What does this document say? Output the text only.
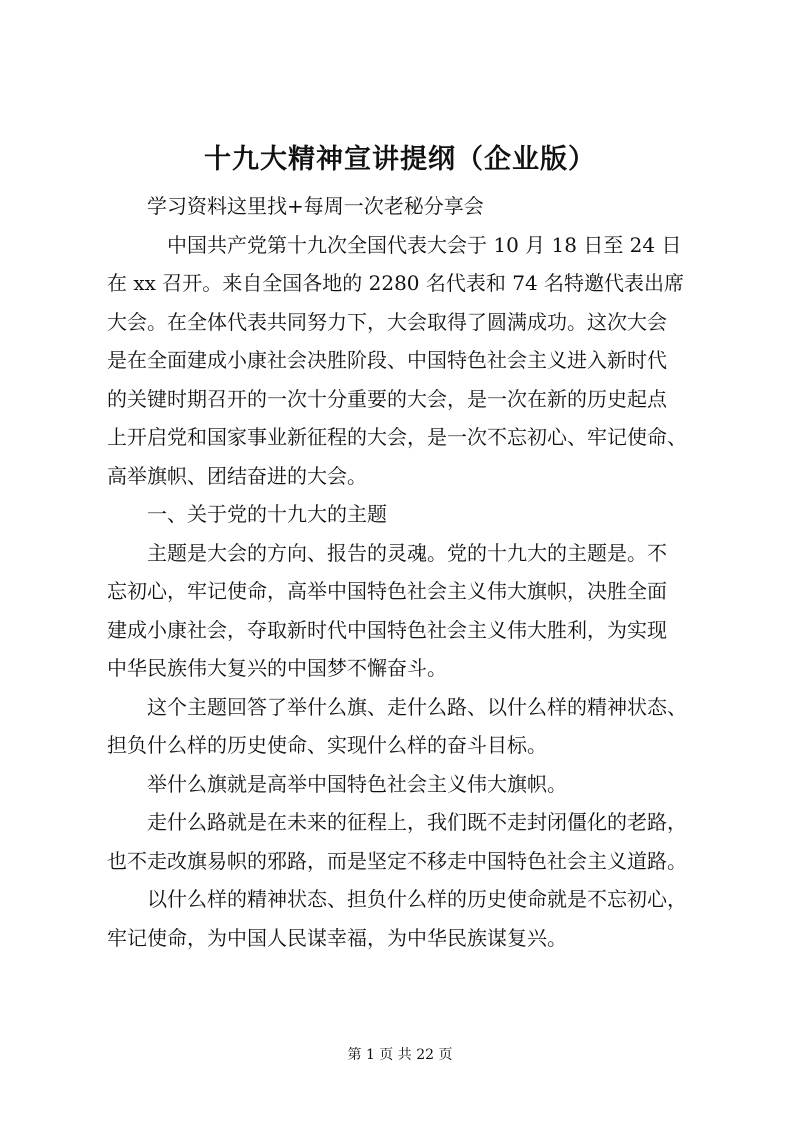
十九大精神宣讲提纲（企业版）
学习资料这里找+每周一次老秘分享会
中国共产党第十九次全国代表大会于 10 月 18 日至 24 日
在 xx 召开。来自全国各地的 2280 名代表和 74 名特邀代表出席
大会。在全体代表共同努力下，大会取得了圆满成功。这次大会
是在全面建成小康社会决胜阶段、中国特色社会主义进入新时代
的关键时期召开的一次十分重要的大会，是一次在新的历史起点
上开启党和国家事业新征程的大会，是一次不忘初心、牢记使命、
高举旗帜、团结奋进的大会。
一、关于党的十九大的主题
主题是大会的方向、报告的灵魂。党的十九大的主题是。不
忘初心，牢记使命，高举中国特色社会主义伟大旗帜，决胜全面
建成小康社会，夺取新时代中国特色社会主义伟大胜利，为实现
中华民族伟大复兴的中国梦不懈奋斗。
这个主题回答了举什么旗、走什么路、以什么样的精神状态、
担负什么样的历史使命、实现什么样的奋斗目标。
举什么旗就是高举中国特色社会主义伟大旗帜。
走什么路就是在未来的征程上，我们既不走封闭僵化的老路，
也不走改旗易帜的邪路，而是坚定不移走中国特色社会主义道路。
以什么样的精神状态、担负什么样的历史使命就是不忘初心，
牢记使命，为中国人民谋幸福，为中华民族谋复兴。
第 1 页 共 22 页
